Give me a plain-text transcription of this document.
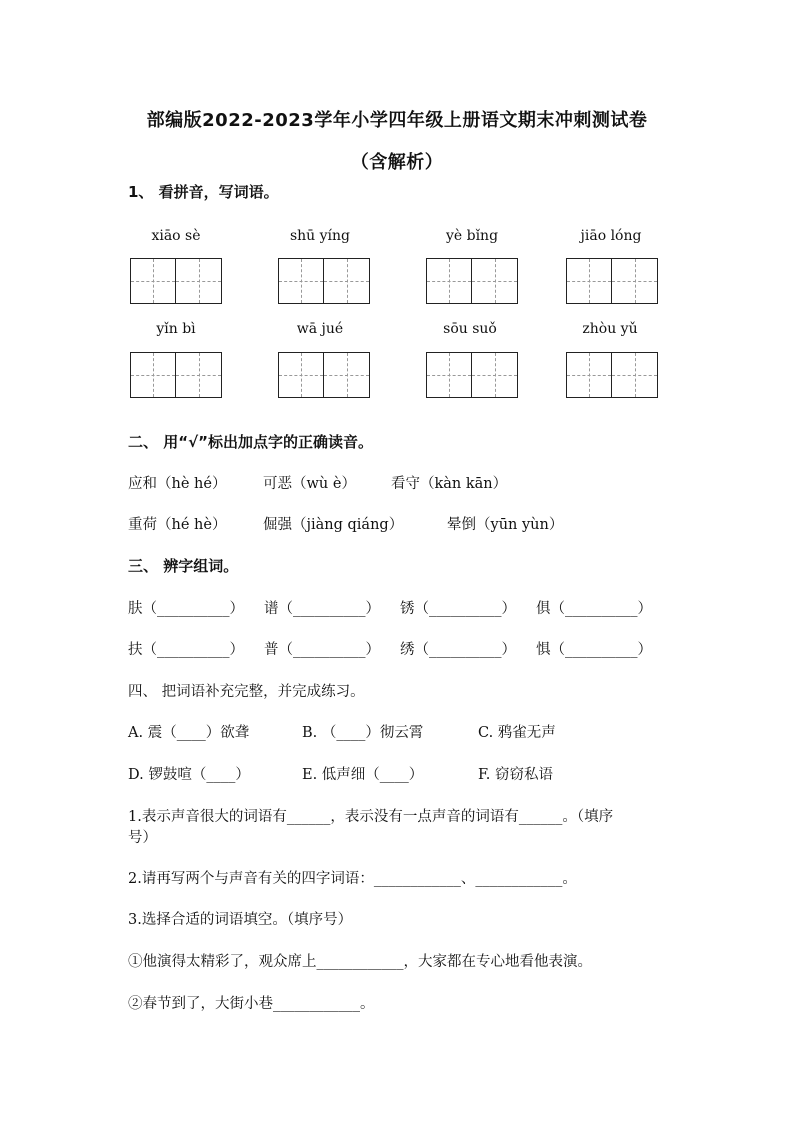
部编版2022-2023学年小学四年级上册语文期末冲刺测试卷
（含解析）
1、 看拼音，写词语。
xiāo sè	shū yíng	yè bǐng	jiāo lóng
yǐn bì	wā jué	sōu suǒ	zhòu yǔ
二、 用“√”标出加点字的正确读音。
应和（hè hé）	可恶（wù è） 看守（kàn kān）
重荷（hé hè）	倔强（jiàng qiáng）	晕倒（yūn yùn）
三、 辨字组词。
肤（__________） 谱（__________） 锈（__________） 俱（__________）
扶（__________） 普（__________） 绣（__________） 惧（__________）
四、 把词语补充完整，并完成练习。
A. 震（____）欲聋	B. （____）彻云霄	C. 鸦雀无声
D. 锣鼓喧（____）	E. 低声细（____）	F. 窃窃私语
1.表示声音很大的词语有______，表示没有一点声音的词语有______。（填序
号）
2.请再写两个与声音有关的四字词语：____________、____________。
3.选择合适的词语填空。（填序号）
①他演得太精彩了，观众席上____________，大家都在专心地看他表演。
②春节到了，大街小巷____________。
